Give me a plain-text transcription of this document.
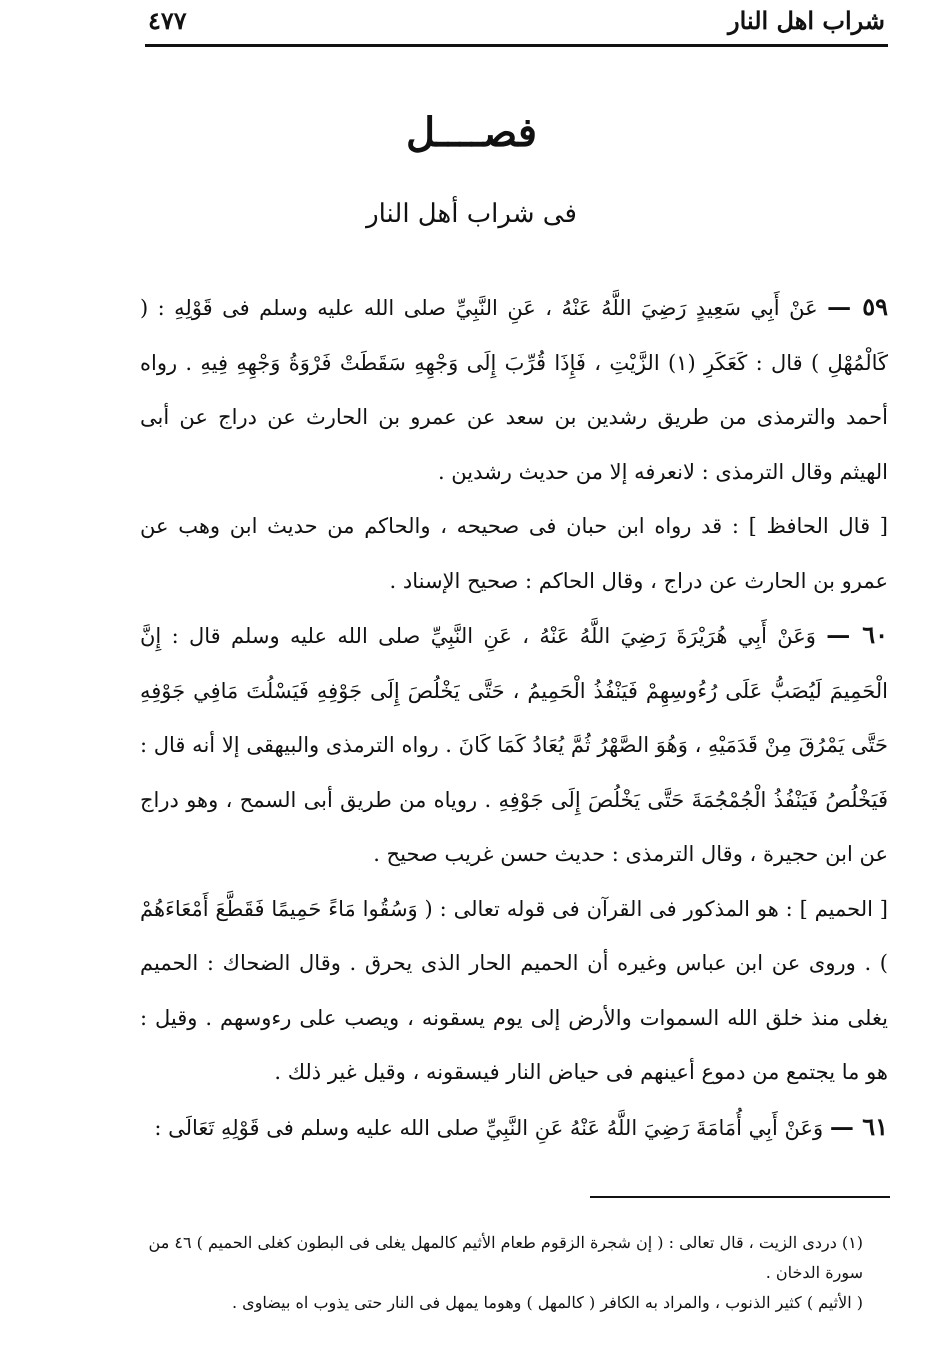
شراب اهل النار
٤٧٧
فصــــل
فى شراب أهل النار

٥٩ — عَنْ أَبِي سَعِيدٍ رَضِيَ اللَّهُ عَنْهُ ، عَنِ النَّبِيِّ صلى الله عليه وسلم فى قَوْلِهِ : ( كَالْمُهْلِ ) قال : كَعَكَرِ (١) الزَّيْتِ ، فَإِذَا قُرِّبَ إِلَى وَجْهِهِ سَقَطَتْ فَرْوَةُ وَجْهِهِ فِيهِ . رواه أحمد والترمذى من طريق رشدين بن سعد عن عمرو بن الحارث عن دراج عن أبى الهيثم وقال الترمذى : لانعرفه إلا من حديث رشدين .

[ قال الحافظ ] : قد رواه ابن حبان فى صحيحه ، والحاكم من حديث ابن وهب عن عمرو بن الحارث عن دراج ، وقال الحاكم : صحيح الإسناد .

٦٠ — وَعَنْ أَبِي هُرَيْرَةَ رَضِيَ اللَّهُ عَنْهُ ، عَنِ النَّبِيِّ صلى الله عليه وسلم قال : إِنَّ الْحَمِيمَ لَيُصَبُّ عَلَى رُءُوسِهِمْ فَيَنْفُذُ الْحَمِيمُ ، حَتَّى يَخْلُصَ إِلَى جَوْفِهِ فَيَسْلُتَ مَافِي جَوْفِهِ حَتَّى يَمْرُقَ مِنْ قَدَمَيْهِ ، وَهُوَ الصَّهْرُ ثُمَّ يُعَادُ كَمَا كَانَ . رواه الترمذى والبيهقى إلا أنه قال : فَيَخْلُصُ فَيَنْفُذُ الْجُمْجُمَةَ حَتَّى يَخْلُصَ إِلَى جَوْفِهِ . روياه من طريق أبى السمح ، وهو دراج عن ابن حجيرة ، وقال الترمذى : حديث حسن غريب صحيح .

[ الحميم ] : هو المذكور فى القرآن فى قوله تعالى : ( وَسُقُوا مَاءً حَمِيمًا فَقَطَّعَ أَمْعَاءَهُمْ ) . وروى عن ابن عباس وغيره أن الحميم الحار الذى يحرق . وقال الضحاك : الحميم يغلى منذ خلق الله السموات والأرض إلى يوم يسقونه ، ويصب على رءوسهم . وقيل : هو ما يجتمع من دموع أعينهم فى حياض النار فيسقونه ، وقيل غير ذلك .

٦١ — وَعَنْ أَبِي أُمَامَةَ رَضِيَ اللَّهُ عَنْهُ عَنِ النَّبِيِّ صلى الله عليه وسلم فى قَوْلِهِ تَعَالَى :

(١) دردى الزيت ، قال تعالى : ( إن شجرة الزقوم طعام الأثيم كالمهل يغلى فى البطون كغلى الحميم ) ٤٦ من سورة الدخان .

( الأثيم ) كثير الذنوب ، والمراد به الكافر ( كالمهل ) وهوما يمهل فى النار حتى يذوب اه بيضاوى .
